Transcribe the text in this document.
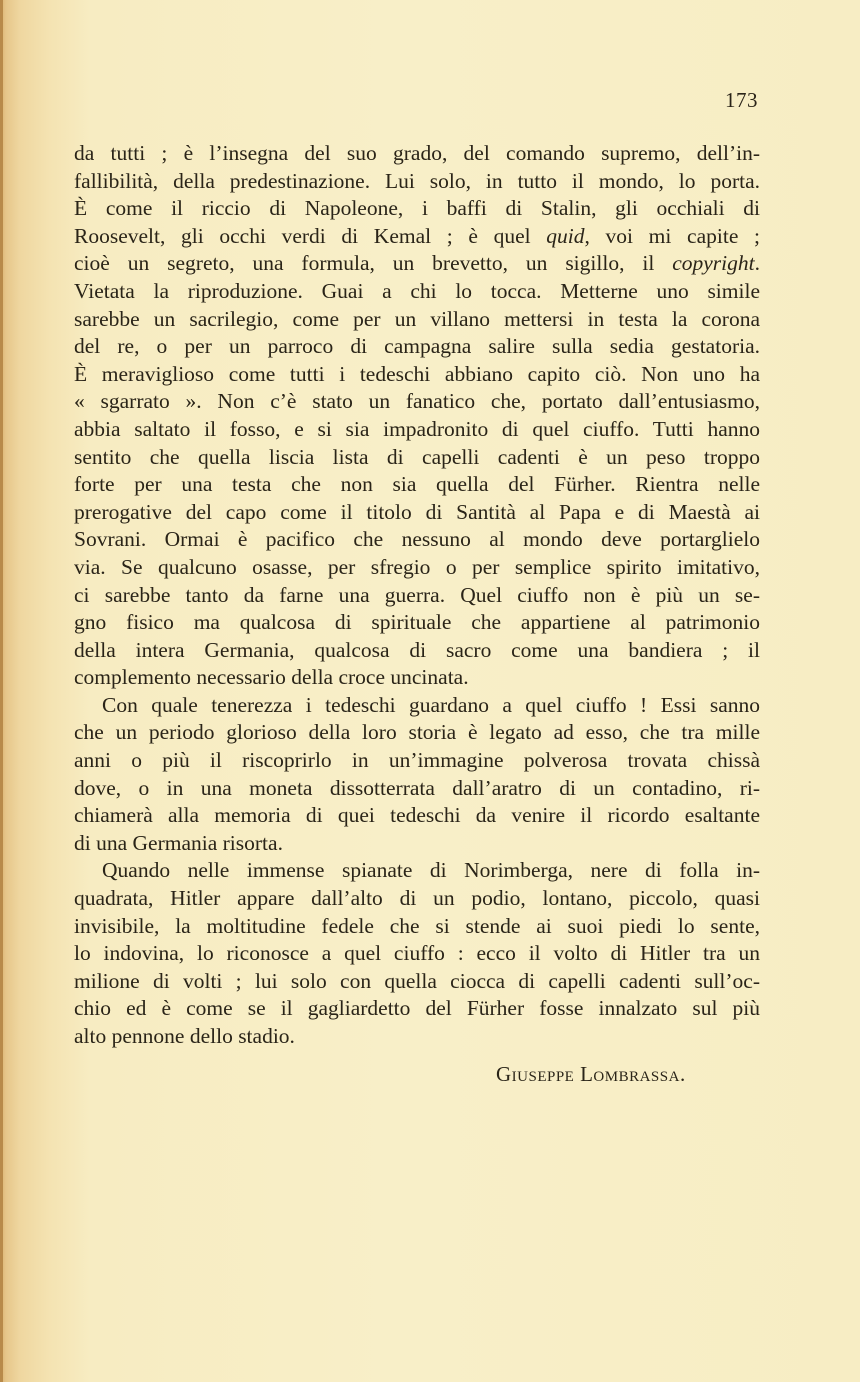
173
da tutti ; è l’insegna del suo grado, del comando supremo, dell’in-
fallibilità, della predestinazione. Lui solo, in tutto il mondo, lo porta.
È come il riccio di Napoleone, i baffi di Stalin, gli occhiali di
Roosevelt, gli occhi verdi di Kemal ; è quel quid, voi mi capite ;
cioè un segreto, una formula, un brevetto, un sigillo, il copyright.
Vietata la riproduzione. Guai a chi lo tocca. Metterne uno simile
sarebbe un sacrilegio, come per un villano mettersi in testa la corona
del re, o per un parroco di campagna salire sulla sedia gestatoria.
È meraviglioso come tutti i tedeschi abbiano capito ciò. Non uno ha
« sgarrato ». Non c’è stato un fanatico che, portato dall’entusiasmo,
abbia saltato il fosso, e si sia impadronito di quel ciuffo. Tutti hanno
sentito che quella liscia lista di capelli cadenti è un peso troppo
forte per una testa che non sia quella del Fürher. Rientra nelle
prerogative del capo come il titolo di Santità al Papa e di Maestà ai
Sovrani. Ormai è pacifico che nessuno al mondo deve portarglielo
via. Se qualcuno osasse, per sfregio o per semplice spirito imitativo,
ci sarebbe tanto da farne una guerra. Quel ciuffo non è più un se-
gno fisico ma qualcosa di spirituale che appartiene al patrimonio
della intera Germania, qualcosa di sacro come una bandiera ; il
complemento necessario della croce uncinata.
Con quale tenerezza i tedeschi guardano a quel ciuffo ! Essi sanno
che un periodo glorioso della loro storia è legato ad esso, che tra mille
anni o più il riscoprirlo in un’immagine polverosa trovata chissà
dove, o in una moneta dissotterrata dall’aratro di un contadino, ri-
chiamerà alla memoria di quei tedeschi da venire il ricordo esaltante
di una Germania risorta.
Quando nelle immense spianate di Norimberga, nere di folla in-
quadrata, Hitler appare dall’alto di un podio, lontano, piccolo, quasi
invisibile, la moltitudine fedele che si stende ai suoi piedi lo sente,
lo indovina, lo riconosce a quel ciuffo : ecco il volto di Hitler tra un
milione di volti ; lui solo con quella ciocca di capelli cadenti sull’oc-
chio ed è come se il gagliardetto del Fürher fosse innalzato sul più
alto pennone dello stadio.
Giuseppe Lombrassa.
